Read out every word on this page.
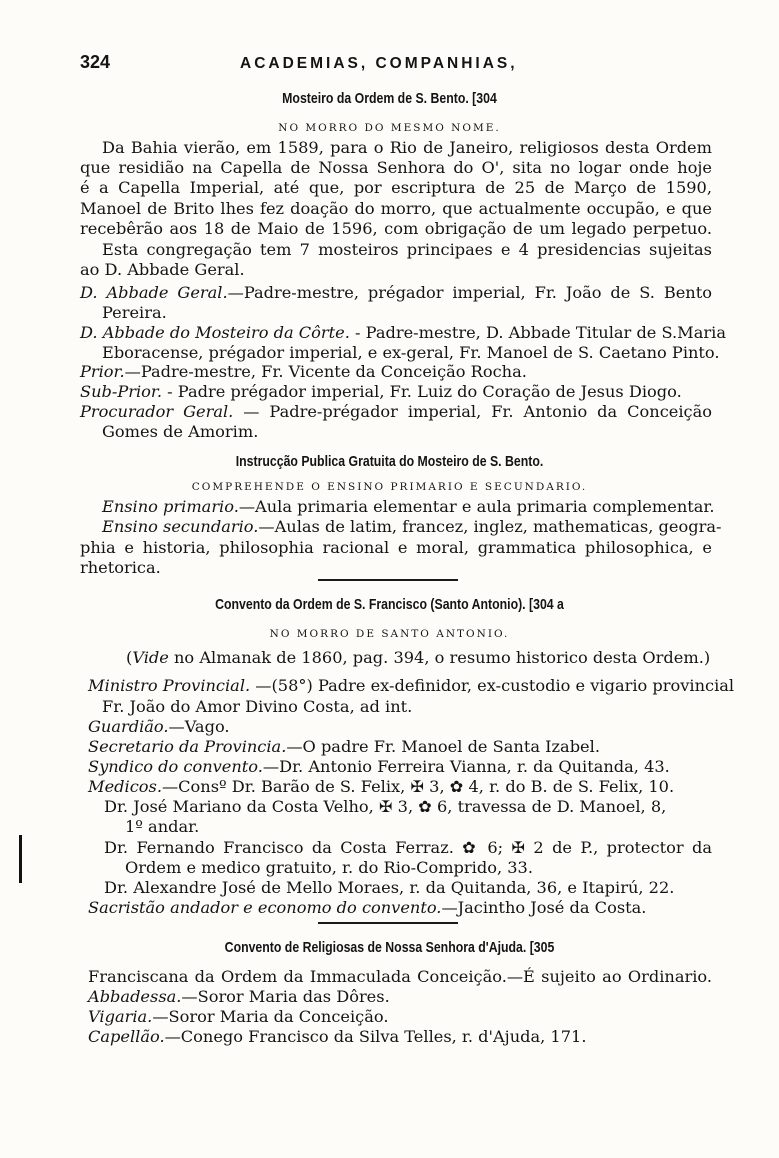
324	ACADEMIAS, COMPANHIAS,
Mosteiro da Ordem de S. Bento. [304
NO MORRO DO MESMO NOME.
Da Bahia vierão, em 1589, para o Rio de Janeiro, religiosos desta Ordem
que residião na Capella de Nossa Senhora do O', sita no logar onde hoje
é a Capella Imperial, até que, por escriptura de 25 de Março de 1590,
Manoel de Brito lhes fez doação do morro, que actualmente occupão, e que
recebêrão aos 18 de Maio de 1596, com obrigação de um legado perpetuo.
Esta congregação tem 7 mosteiros principaes e 4 presidencias sujeitas
ao D. Abbade Geral.
D. Abbade Geral.—Padre-mestre, prégador imperial, Fr. João de S. Bento
Pereira.
D. Abbade do Mosteiro da Côrte. - Padre-mestre, D. Abbade Titular de S.Maria
Eboracense, prégador imperial, e ex-geral, Fr. Manoel de S. Caetano Pinto.
Prior.—Padre-mestre, Fr. Vicente da Conceição Rocha.
Sub-Prior. - Padre prégador imperial, Fr. Luiz do Coração de Jesus Diogo.
Procurador Geral. — Padre-prégador imperial, Fr. Antonio da Conceição
Gomes de Amorim.
Instrucção Publica Gratuita do Mosteiro de S. Bento.
COMPREHENDE O ENSINO PRIMARIO E SECUNDARIO.
Ensino primario.—Aula primaria elementar e aula primaria complementar.
Ensino secundario.—Aulas de latim, francez, inglez, mathematicas, geogra-
phia e historia, philosophia racional e moral, grammatica philosophica, e
rhetorica.
Convento da Ordem de S. Francisco (Santo Antonio). [304 a
NO MORRO DE SANTO ANTONIO.
(Vide no Almanak de 1860, pag. 394, o resumo historico desta Ordem.)
Ministro Provincial. —(58°) Padre ex-definidor, ex-custodio e vigario provincial
Fr. João do Amor Divino Costa, ad int.
Guardião.—Vago.
Secretario da Provincia.—O padre Fr. Manoel de Santa Izabel.
Syndico do convento.—Dr. Antonio Ferreira Vianna, r. da Quitanda, 43.
Medicos.—Consº Dr. Barão de S. Felix, ✠ 3, ✿ 4, r. do B. de S. Felix, 10.
Dr. José Mariano da Costa Velho, ✠ 3, ✿ 6, travessa de D. Manoel, 8,
1º andar.
Dr. Fernando Francisco da Costa Ferraz. ✿ 6; ✠ 2 de P., protector da
Ordem e medico gratuito, r. do Rio-Comprido, 33.
Dr. Alexandre José de Mello Moraes, r. da Quitanda, 36, e Itapirú, 22.
Sacristão andador e economo do convento.—Jacintho José da Costa.
Convento de Religiosas de Nossa Senhora d'Ajuda. [305
Franciscana da Ordem da Immaculada Conceição.—É sujeito ao Ordinario.
Abbadessa.—Soror Maria das Dôres.
Vigaria.—Soror Maria da Conceição.
Capellão.—Conego Francisco da Silva Telles, r. d'Ajuda, 171.
